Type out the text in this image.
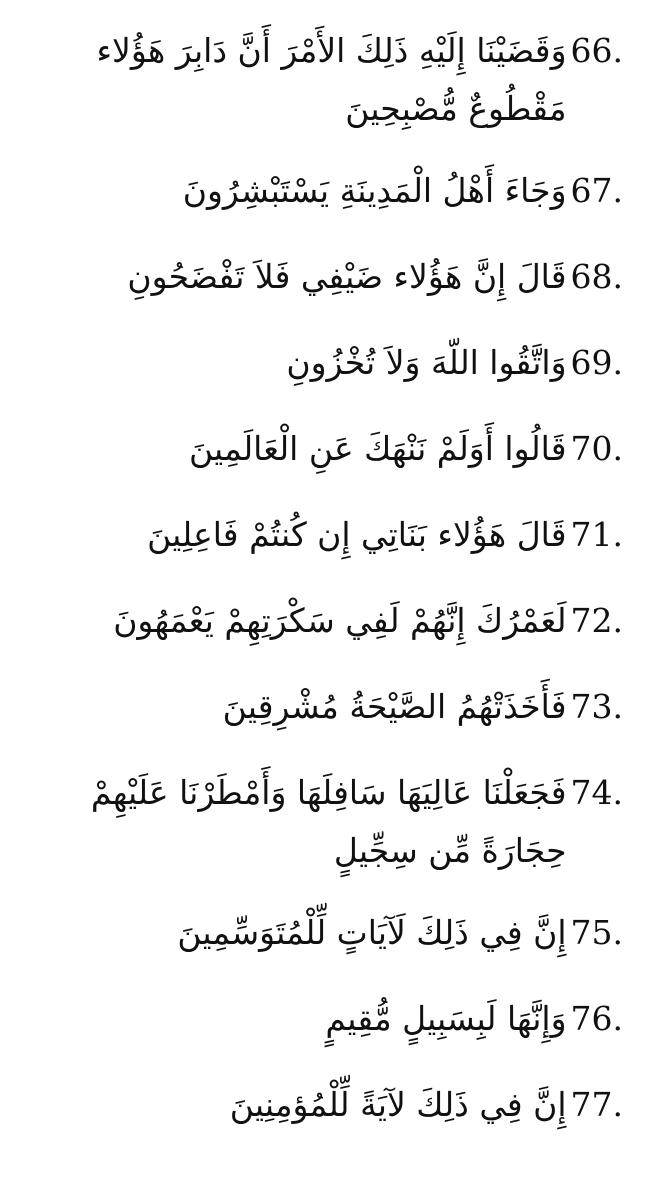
66.
وَقَضَيْنَا إِلَيْهِ ذَلِكَ الأَمْرَ أَنَّ دَابِرَ هَؤُلاء مَقْطُوعٌ مُّصْبِحِينَ
67.
وَجَاءَ أَهْلُ الْمَدِينَةِ يَسْتَبْشِرُونَ
68.
قَالَ إِنَّ هَؤُلاء ضَيْفِي فَلاَ تَفْضَحُونِ
69.
وَاتَّقُوا اللّهَ وَلاَ تُخْزُونِ
70.
قَالُوا أَوَلَمْ نَنْهَكَ عَنِ الْعَالَمِينَ
71.
قَالَ هَؤُلاء بَنَاتِي إِن كُنتُمْ فَاعِلِينَ
72.
لَعَمْرُكَ إِنَّهُمْ لَفِي سَكْرَتِهِمْ يَعْمَهُونَ
73.
فَأَخَذَتْهُمُ الصَّيْحَةُ مُشْرِقِينَ
74.
فَجَعَلْنَا عَالِيَهَا سَافِلَهَا وَأَمْطَرْنَا عَلَيْهِمْ حِجَارَةً مِّن سِجِّيلٍ
75.
إِنَّ فِي ذَلِكَ لَآيَاتٍ لِّلْمُتَوَسِّمِينَ
76.
وَإِنَّهَا لَبِسَبِيلٍ مُّقِيمٍ
77.
إِنَّ فِي ذَلِكَ لآيَةً لِّلْمُؤمِنِينَ
